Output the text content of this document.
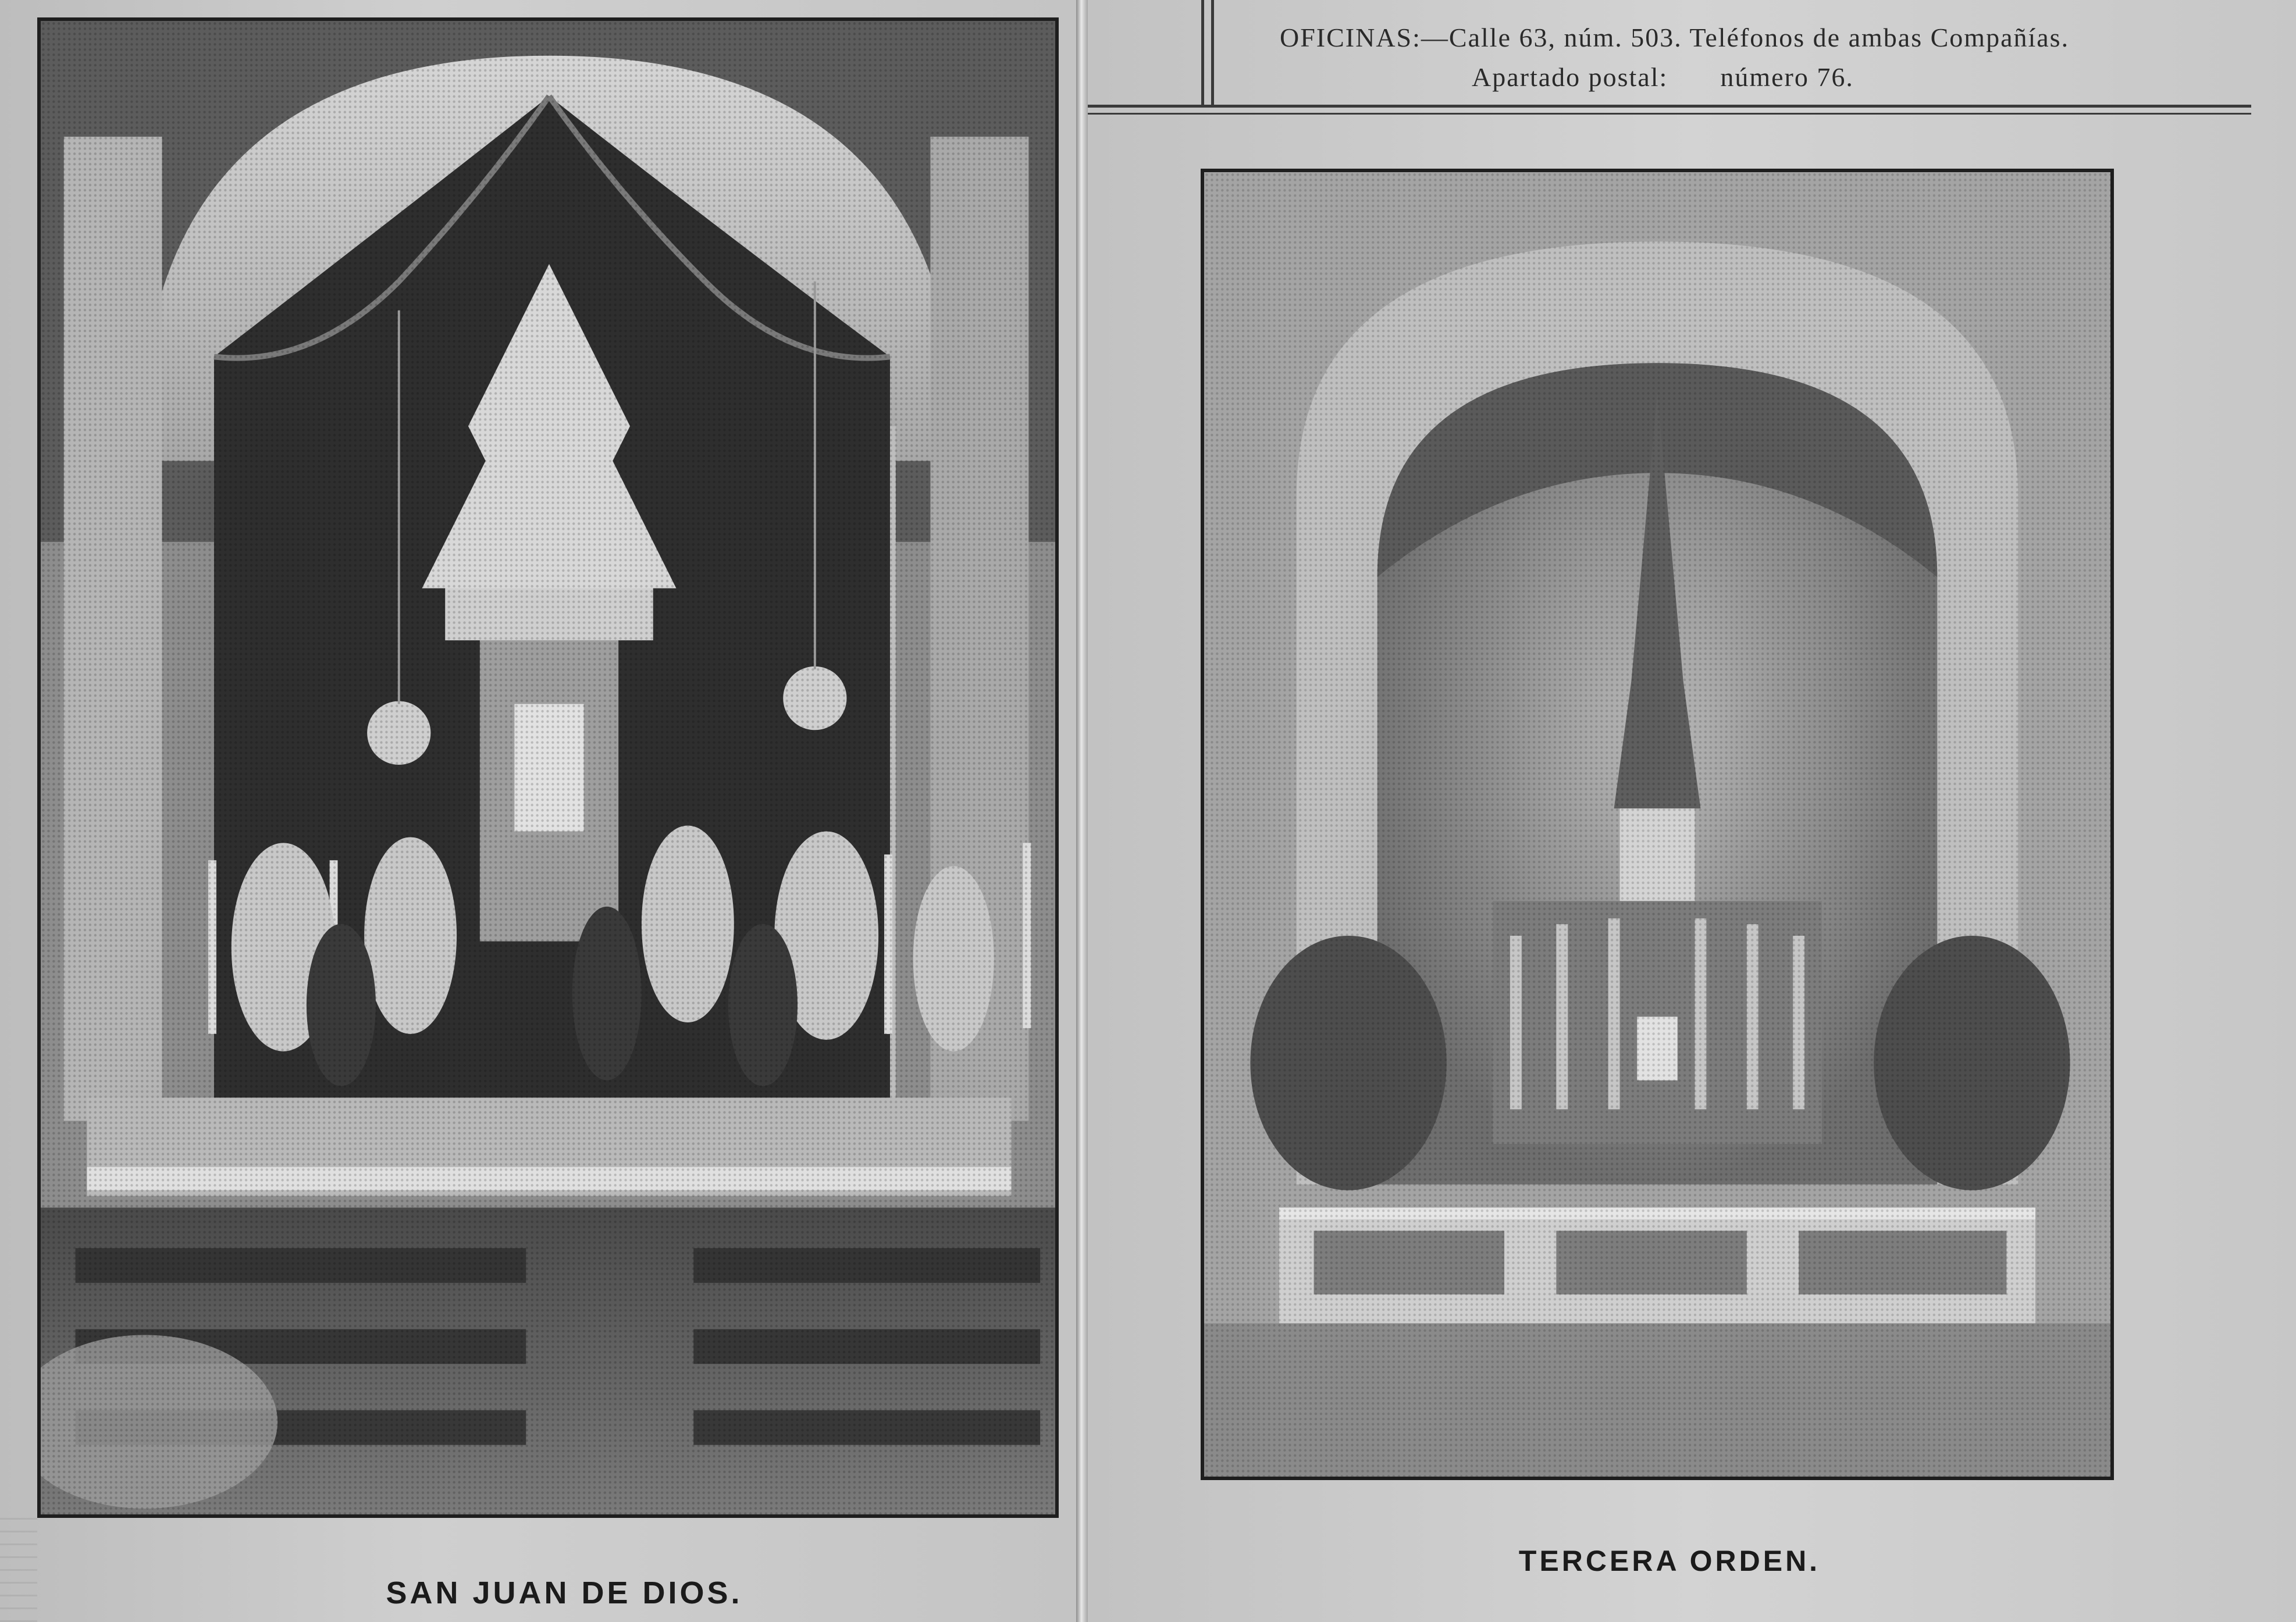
OFICINAS:—Calle 63, núm. 503. Teléfonos de ambas Compañías.
Apartado postal: número 76.
SAN JUAN DE DIOS.
TERCERA ORDEN.
